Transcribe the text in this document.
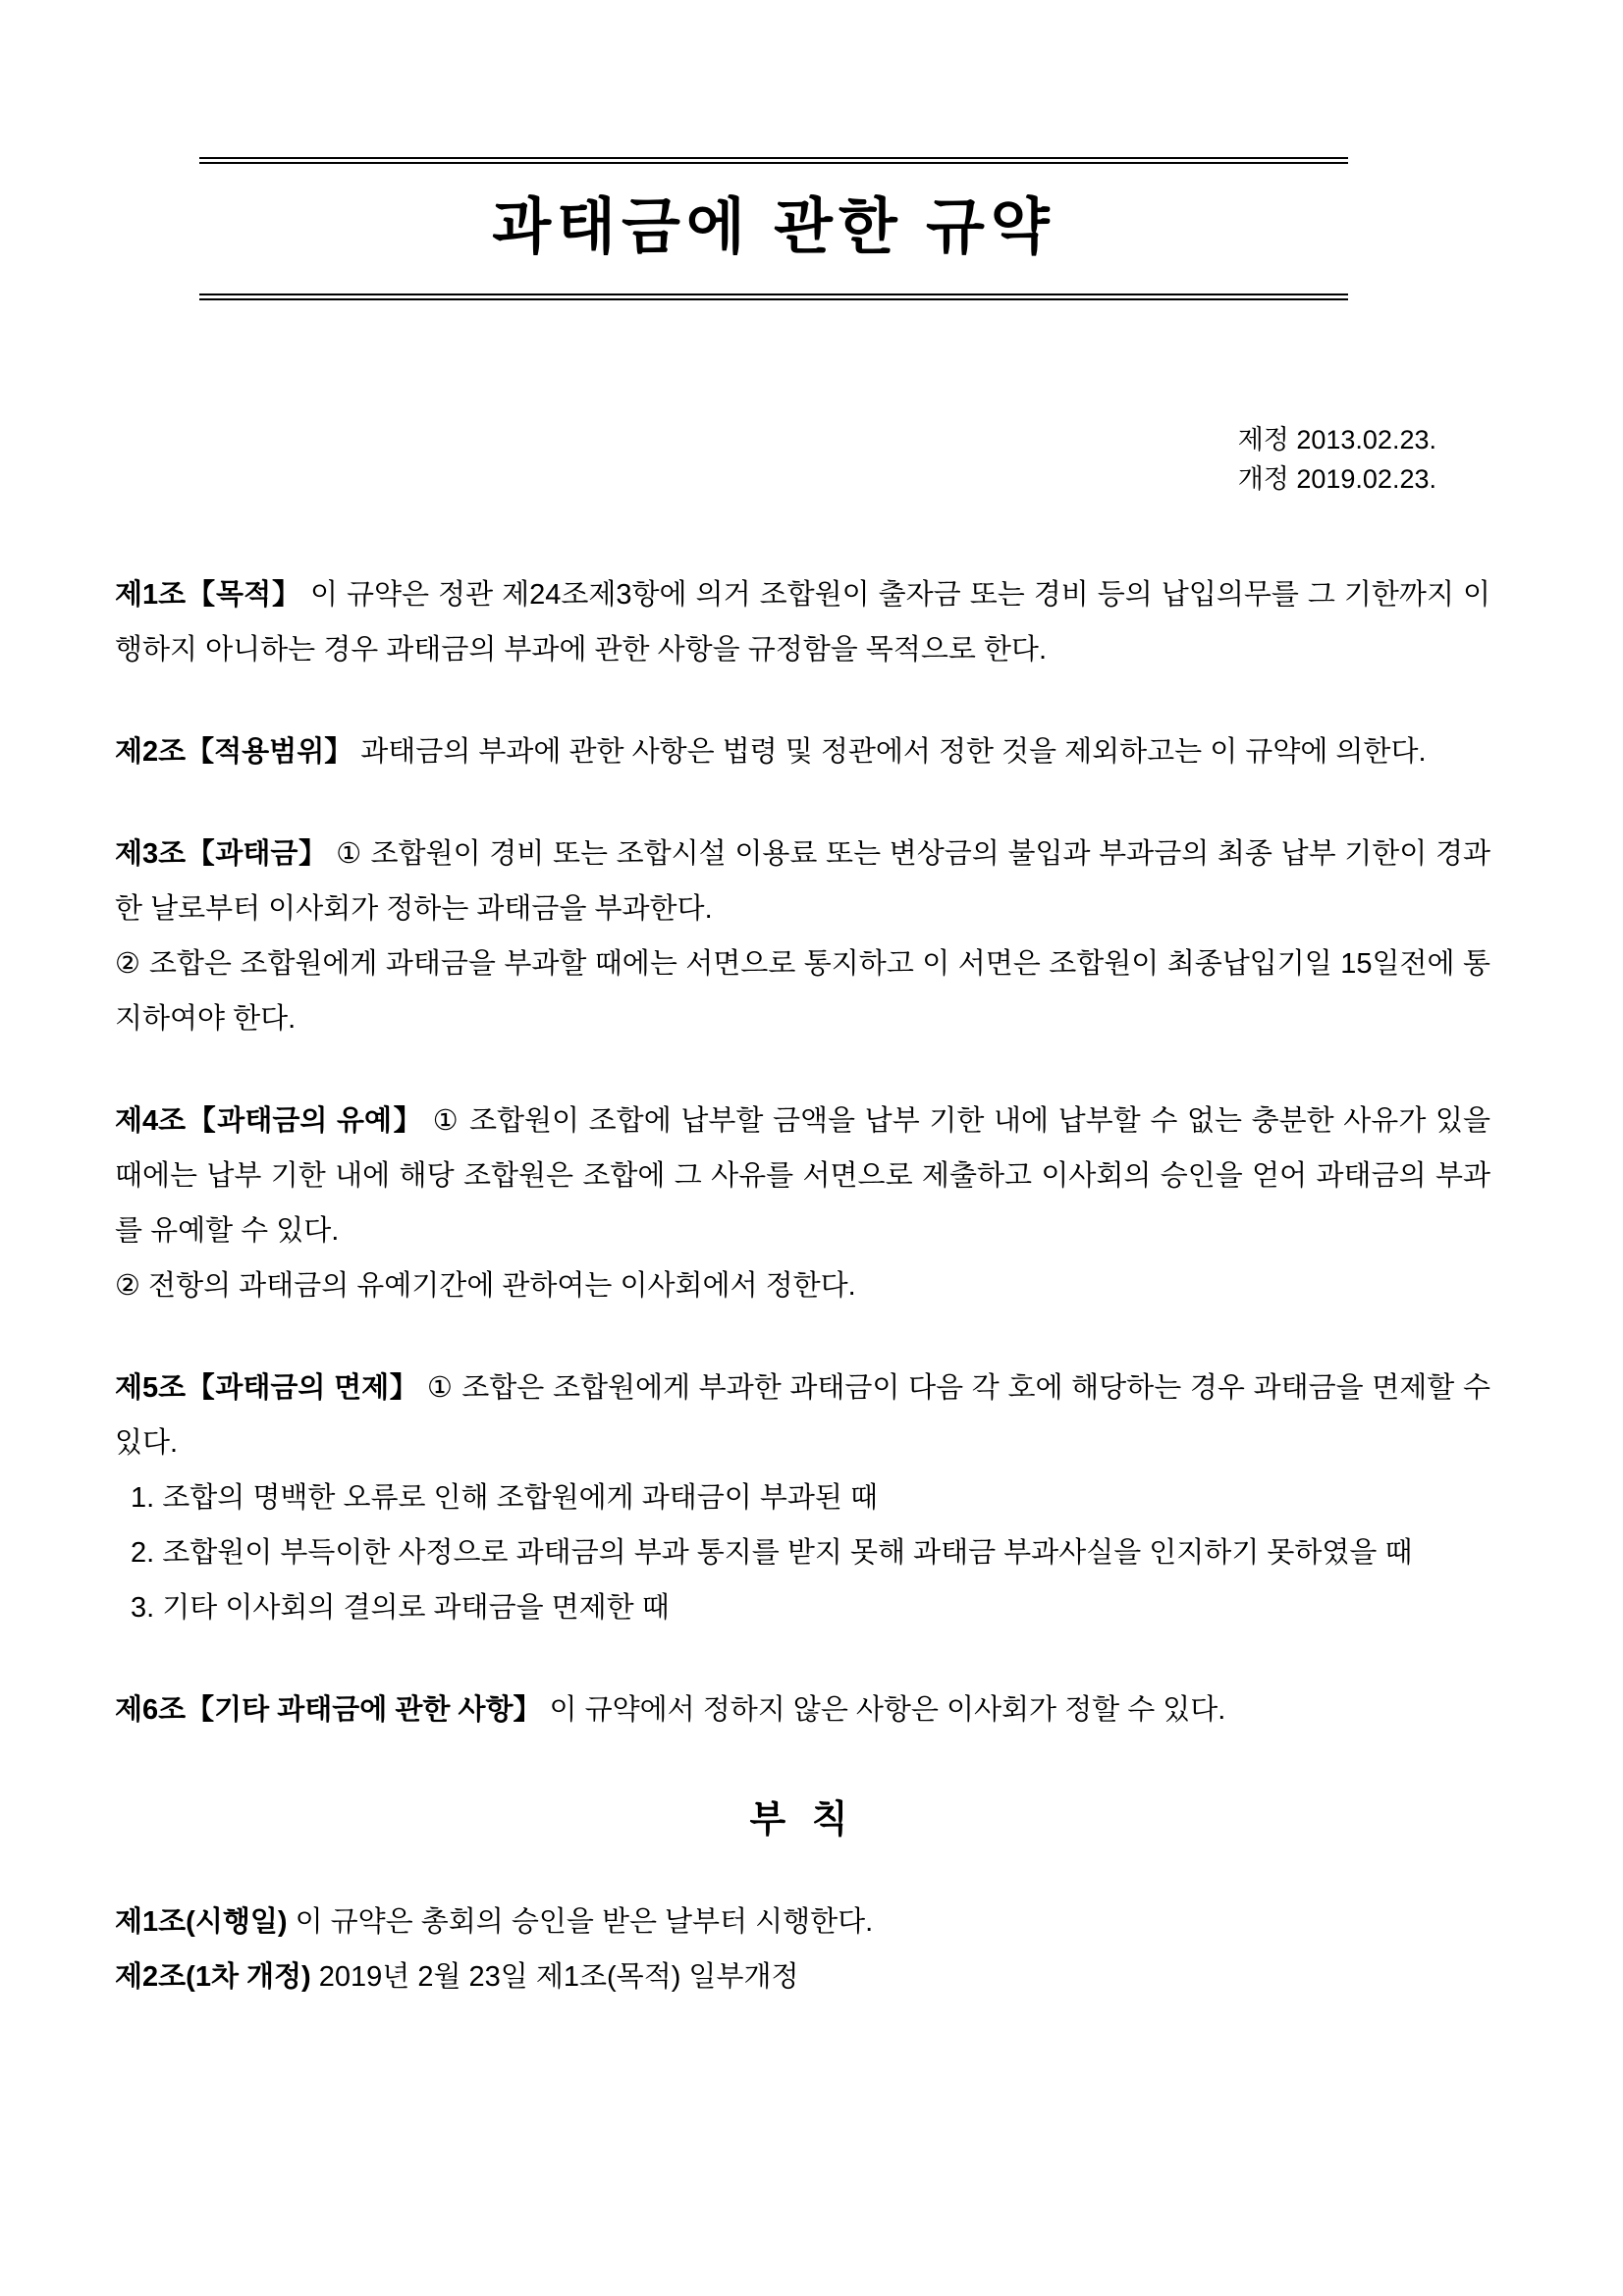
과태금에 관한 규약
제정 2013.02.23.
개정 2019.02.23.

제1조【목적】 이 규약은 정관 제24조제3항에 의거 조합원이 출자금 또는 경비 등의 납입의무를 그 기한까지 이행하지 아니하는 경우 과태금의 부과에 관한 사항을 규정함을 목적으로 한다.

제2조【적용범위】 과태금의 부과에 관한 사항은 법령 및 정관에서 정한 것을 제외하고는 이 규약에 의한다.

제3조【과태금】 ① 조합원이 경비 또는 조합시설 이용료 또는 변상금의 불입과 부과금의 최종 납부 기한이 경과한 날로부터 이사회가 정하는 과태금을 부과한다.

② 조합은 조합원에게 과태금을 부과할 때에는 서면으로 통지하고 이 서면은 조합원이 최종납입기일 15일전에 통지하여야 한다.

제4조【과태금의 유예】 ① 조합원이 조합에 납부할 금액을 납부 기한 내에 납부할 수 없는 충분한 사유가 있을 때에는 납부 기한 내에 해당 조합원은 조합에 그 사유를 서면으로 제출하고 이사회의 승인을 얻어 과태금의 부과를 유예할 수 있다.

② 전항의 과태금의 유예기간에 관하여는 이사회에서 정한다.

제5조【과태금의 면제】 ① 조합은 조합원에게 부과한 과태금이 다음 각 호에 해당하는 경우 과태금을 면제할 수 있다.

1. 조합의 명백한 오류로 인해 조합원에게 과태금이 부과된 때

2. 조합원이 부득이한 사정으로 과태금의 부과 통지를 받지 못해 과태금 부과사실을 인지하기 못하였을 때

3. 기타 이사회의 결의로 과태금을 면제한 때

제6조【기타 과태금에 관한 사항】 이 규약에서 정하지 않은 사항은 이사회가 정할 수 있다.

부 칙

제1조(시행일) 이 규약은 총회의 승인을 받은 날부터 시행한다.

제2조(1차 개정) 2019년 2월 23일 제1조(목적) 일부개정
